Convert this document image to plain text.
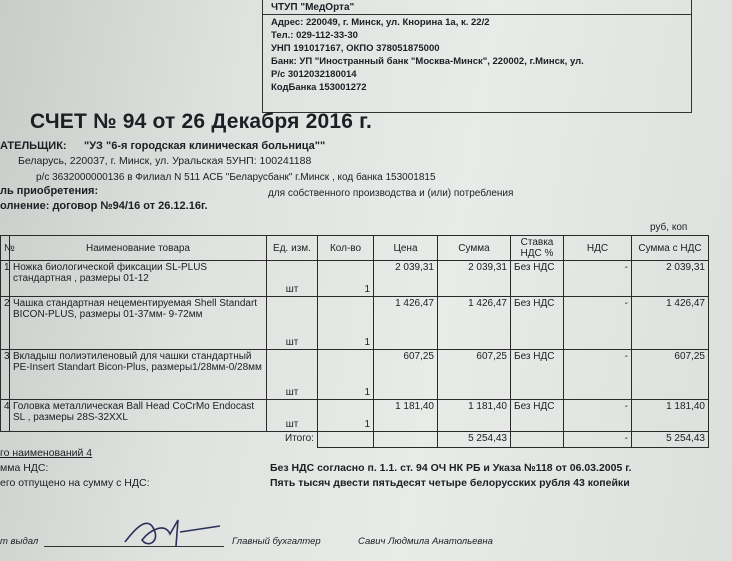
ЧТУП "МедОрта"
Адрес: 220049, г. Минск, ул. Кнорина 1а, к. 22/2
Тел.: 029-112-33-30
УНП 191017167, ОКПО 378051875000
Банк: УП "Иностранный банк "Москва-Минск", 220002, г.Минск, ул.
Р/с 3012032180014
КодБанка 153001272
СЧЕТ № 94 от 26 Декабря 2016 г.
АТЕЛЬЩИК: "УЗ "6-я городская клиническая больница""
Беларусь, 220037, г. Минск, ул. Уральская 5УНП: 100241188
р/с 3632000000136 в Филиал N 511 АСБ "Беларусбанк" г.Минск , код банка 153001815
ль приобретения:	для собственного производства и (или) потребления
олнение: договор №94/16 от 26.12.16г.
руб, коп
№	Наименование товара	Ед. изм.	Кол-во	Цена	Сумма	Ставка НДС %	НДС	Сумма с НДС
1	Ножка биологической фиксации SL-PLUS стандартная , размеры 01-12	шт	1	2 039,31	2 039,31	Без НДС	-	2 039,31
2	Чашка стандартная нецементируемая Shell Standart BICON-PLUS, размеры 01-37мм- 9-72мм	шт	1	1 426,47	1 426,47	Без НДС	-	1 426,47
3	Вкладыш полиэтиленовый для чашки стандартный PE-Insert Standart Bicon-Plus, размеры1/28мм-0/28мм	шт	1	607,25	607,25	Без НДС	-	607,25
4	Головка металлическая Ball Head CoCrMo Endocast SL , размеры 28S-32XXL	шт	1	1 181,40	1 181,40	Без НДС	-	1 181,40
Итого:					5 254,43		-	5 254,43
го наименований 4
мма НДС:	Без НДС согласно п. 1.1. ст. 94 ОЧ НК РБ и Указа №118 от 06.03.2005 г.
его отпущено на сумму с НДС:	Пять тысяч двести пятьдесят четыре белорусских рубля 43 копейки
т выдал	Главный бухгалтер	Савич Людмила Анатольевна
